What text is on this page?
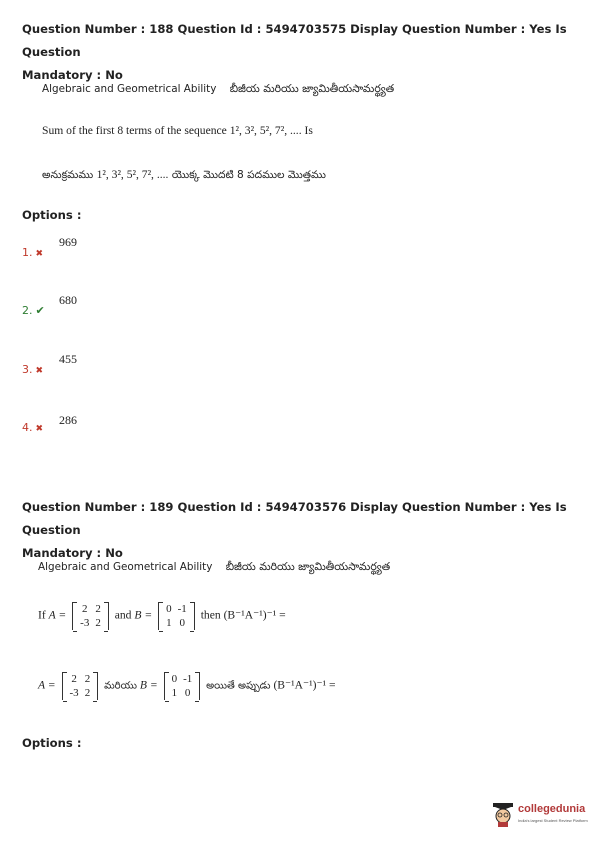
Question Number : 188 Question Id : 5494703575 Display Question Number : Yes Is Question
Mandatory : No
Algebraic and Geometrical Ability బీజీయ మరియు జ్యామితీయసామర్థ్యత
Sum of the first 8 terms of the sequence 1², 3², 5², 7², .... Is
అనుక్రమము 1², 3², 5², 7², .... యొక్క మొదటి 8 పదముల మొత్తము
Options :
969
1. ✖
680
2. ✔
455
3. ✖
286
4. ✖
Question Number : 189 Question Id : 5494703576 Display Question Number : Yes Is Question
Mandatory : No
Algebraic and Geometrical Ability బీజీయ మరియు జ్యామితీయసామర్థ్యత
If A = 2	2
-3	2
and B = 0	-1
1	0
then (B⁻¹A⁻¹)⁻¹ =
A = 2	2
-3	2
మరియు B = 0	-1
1	0
అయితే అప్పుడు (B⁻¹A⁻¹)⁻¹ =
Options :
collegedunia
India's largest Student Review Platform
